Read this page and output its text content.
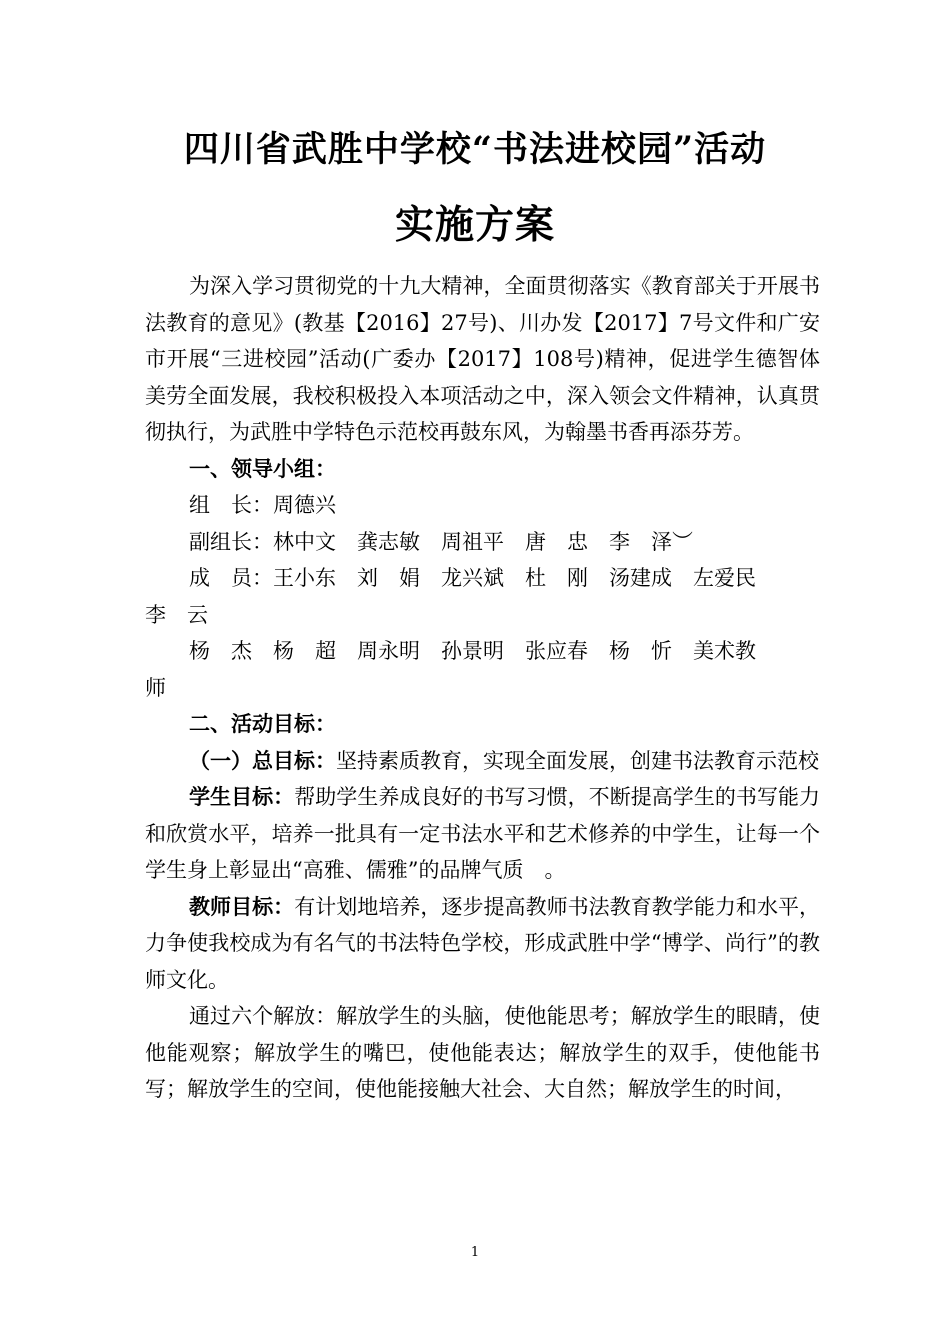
四川省武胜中学校“书法进校园”活动
实施方案

为深入学习贯彻党的十九大精神，全面贯彻落实《教育部关于开展书法教育的意见》(教基【2016】27号)、川办发【2017】7号文件和广安市开展“三进校园”活动(广委办【2017】108号)精神，促进学生德智体美劳全面发展，我校积极投入本项活动之中，深入领会文件精神，认真贯彻执行，为武胜中学特色示范校再鼓东风，为翰墨书香再添芬芳。

一、领导小组：

组　长：周德兴

副组长：林中文　龚志敏　周祖平　唐　忠　李　泽︶

成　员：王小东　刘　娟　龙兴斌　杜　刚　汤建成　左爱民

李　云

杨　杰　杨　超　周永明　孙景明　张应春　杨　忻　美术教

师

二、活动目标：

（一）总目标：坚持素质教育，实现全面发展，创建书法教育示范校

学生目标：帮助学生养成良好的书写习惯，不断提高学生的书写能力和欣赏水平，培养一批具有一定书法水平和艺术修养的中学生，让每一个学生身上彰显出“高雅、儒雅”的品牌气质　。

教师目标：有计划地培养，逐步提高教师书法教育教学能力和水平，力争使我校成为有名气的书法特色学校，形成武胜中学“博学、尚行”的教师文化。

通过六个解放：解放学生的头脑，使他能思考；解放学生的眼睛，使他能观察；解放学生的嘴巴，使他能表达；解放学生的双手，使他能书写；解放学生的空间，使他能接触大社会、大自然；解放学生的时间，

1
